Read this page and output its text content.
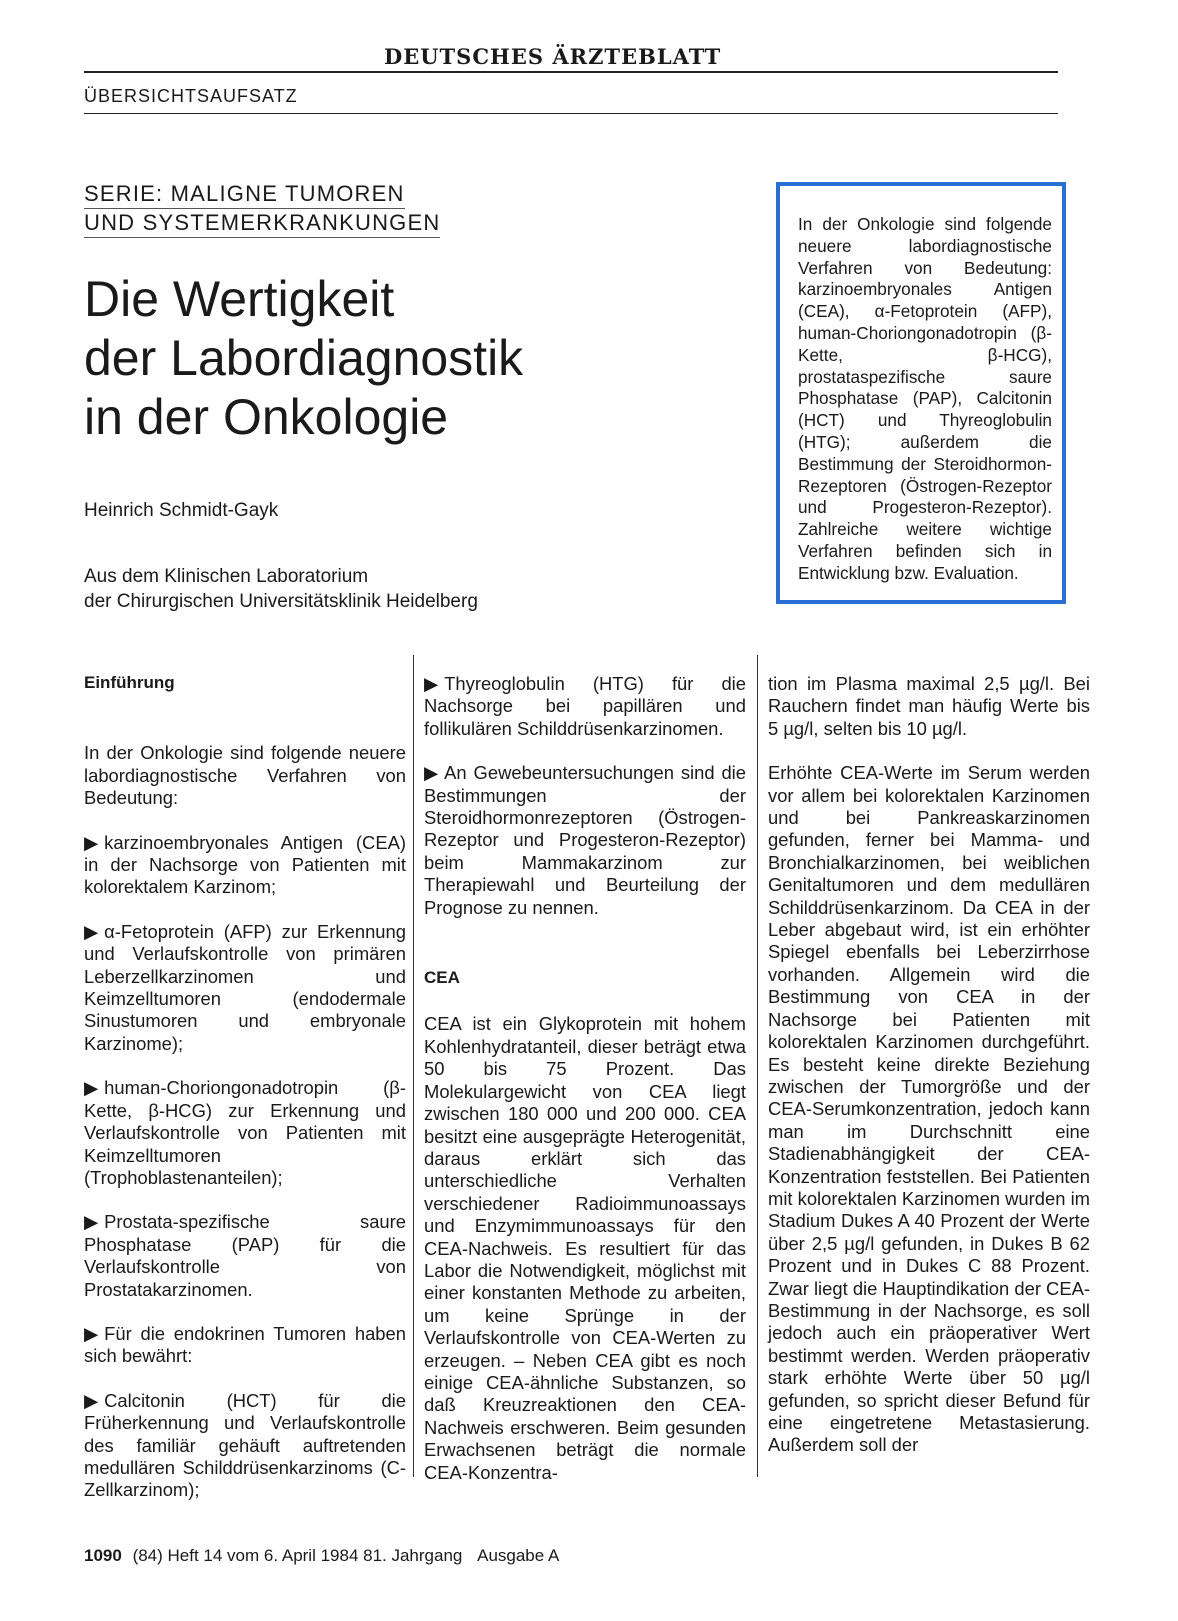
DEUTSCHES ÄRZTEBLATT
ÜBERSICHTSAUFSATZ
SERIE: MALIGNE TUMOREN
UND SYSTEMERKRANKUNGEN
Die Wertigkeit
der Labordiagnostik
in der Onkologie
Heinrich Schmidt-Gayk
Aus dem Klinischen Laboratorium
der Chirurgischen Universitätsklinik Heidelberg
In der Onkologie sind folgende neuere labordiagnostische Verfahren von Bedeutung: karzinoembryonales Antigen (CEA), α-Fetoprotein (AFP), human-Choriongonadotropin (β-Kette, β-HCG), prostataspezifische saure Phosphatase (PAP), Calcitonin (HCT) und Thyreoglobulin (HTG); außerdem die Bestimmung der Steroidhormon-Rezeptoren (Östrogen-Rezeptor und Progesteron-Rezeptor). Zahlreiche weitere wichtige Verfahren befinden sich in Entwicklung bzw. Evaluation.
Einführung

In der Onkologie sind folgende neuere labordiagnostische Verfahren von Bedeutung:

▶ karzinoembryonales Antigen (CEA) in der Nachsorge von Patienten mit kolorektalem Karzinom;

▶ α-Fetoprotein (AFP) zur Erkennung und Verlaufskontrolle von primären Leberzellkarzinomen und Keimzelltumoren (endodermale Sinustumoren und embryonale Karzinome);

▶ human-Choriongonadotropin (β-Kette, β-HCG) zur Erkennung und Verlaufskontrolle von Patienten mit Keimzelltumoren (Trophoblastenanteilen);

▶ Prostata-spezifische saure Phosphatase (PAP) für die Verlaufskontrolle von Prostatakarzinomen.

▶ Für die endokrinen Tumoren haben sich bewährt:

▶ Calcitonin (HCT) für die Früherkennung und Verlaufskontrolle des familiär gehäuft auftretenden medullären Schilddrüsenkarzinoms (C-Zellkarzinom);

▶ Thyreoglobulin (HTG) für die Nachsorge bei papillären und follikulären Schilddrüsenkarzinomen.

▶ An Gewebeuntersuchungen sind die Bestimmungen der Steroidhormonrezeptoren (Östrogen-Rezeptor und Progesteron-Rezeptor) beim Mammakarzinom zur Therapiewahl und Beurteilung der Prognose zu nennen.

CEA

CEA ist ein Glykoprotein mit hohem Kohlenhydratanteil, dieser beträgt etwa 50 bis 75 Prozent. Das Molekulargewicht von CEA liegt zwischen 180 000 und 200 000. CEA besitzt eine ausgeprägte Heterogenität, daraus erklärt sich das unterschiedliche Verhalten verschiedener Radioimmunoassays und Enzymimmunoassays für den CEA-Nachweis. Es resultiert für das Labor die Notwendigkeit, möglichst mit einer konstanten Methode zu arbeiten, um keine Sprünge in der Verlaufskontrolle von CEA-Werten zu erzeugen. – Neben CEA gibt es noch einige CEA-ähnliche Substanzen, so daß Kreuzreaktionen den CEA-Nachweis erschweren. Beim gesunden Erwachsenen beträgt die normale CEA-Konzentra-

tion im Plasma maximal 2,5 µg/l. Bei Rauchern findet man häufig Werte bis 5 µg/l, selten bis 10 µg/l.

Erhöhte CEA-Werte im Serum werden vor allem bei kolorektalen Karzinomen und bei Pankreaskarzinomen gefunden, ferner bei Mamma- und Bronchialkarzinomen, bei weiblichen Genitaltumoren und dem medullären Schilddrüsenkarzinom. Da CEA in der Leber abgebaut wird, ist ein erhöhter Spiegel ebenfalls bei Leberzirrhose vorhanden. Allgemein wird die Bestimmung von CEA in der Nachsorge bei Patienten mit kolorektalen Karzinomen durchgeführt. Es besteht keine direkte Beziehung zwischen der Tumorgröße und der CEA-Serumkonzentration, jedoch kann man im Durchschnitt eine Stadienabhängigkeit der CEA-Konzentration feststellen. Bei Patienten mit kolorektalen Karzinomen wurden im Stadium Dukes A 40 Prozent der Werte über 2,5 µg/l gefunden, in Dukes B 62 Prozent und in Dukes C 88 Prozent. Zwar liegt die Hauptindikation der CEA-Bestimmung in der Nachsorge, es soll jedoch auch ein präoperativer Wert bestimmt werden. Werden präoperativ stark erhöhte Werte über 50 µg/l gefunden, so spricht dieser Befund für eine eingetretene Metastasierung. Außerdem soll der

1090 (84) Heft 14 vom 6. April 1984 81. Jahrgang Ausgabe A
